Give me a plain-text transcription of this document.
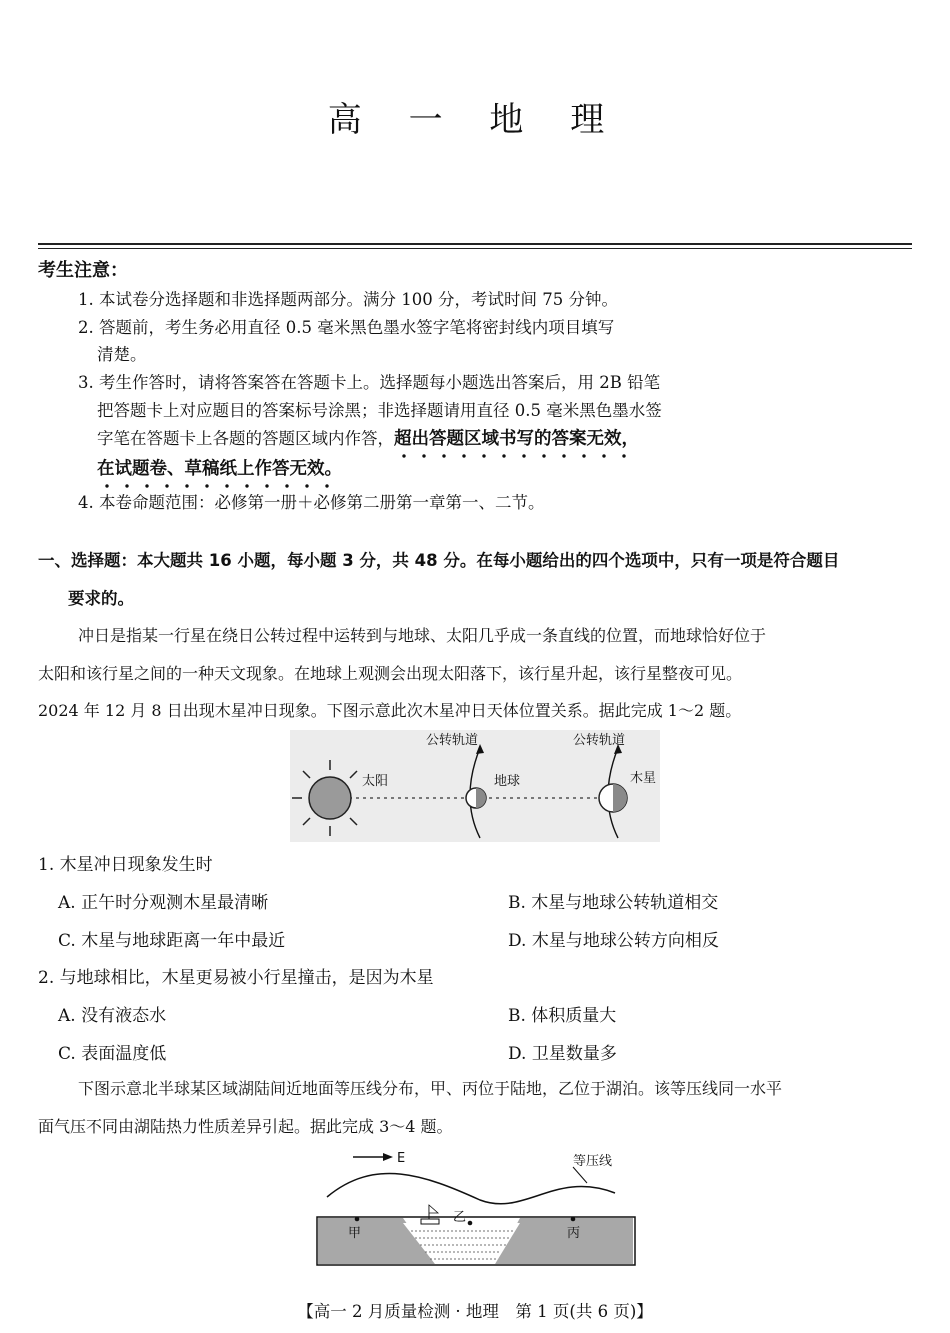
高 一 地 理
考生注意：
1. 本试卷分选择题和非选择题两部分。满分 100 分，考试时间 75 分钟。
2. 答题前，考生务必用直径 0.5 毫米黑色墨水签字笔将密封线内项目填写
清楚。
3. 考生作答时，请将答案答在答题卡上。选择题每小题选出答案后，用 2B 铅笔
把答题卡上对应题目的答案标号涂黑；非选择题请用直径 0.5 毫米黑色墨水签
字笔在答题卡上各题的答题区域内作答，超出答题区域书写的答案无效，
在试题卷、草稿纸上作答无效。
4. 本卷命题范围：必修第一册＋必修第二册第一章第一、二节。
一、选择题：本大题共 16 小题，每小题 3 分，共 48 分。在每小题给出的四个选项中，只有一项是符合题目
要求的。
冲日是指某一行星在绕日公转过程中运转到与地球、太阳几乎成一条直线的位置，而地球恰好位于
太阳和该行星之间的一种天文现象。在地球上观测会出现太阳落下，该行星升起，该行星整夜可见。
2024 年 12 月 8 日出现木星冲日现象。下图示意此次木星冲日天体位置关系。据此完成 1～2 题。
太阳
公转轨道
地球
公转轨道
木星
1. 木星冲日现象发生时
A. 正午时分观测木星最清晰	B. 木星与地球公转轨道相交
C. 木星与地球距离一年中最近	D. 木星与地球公转方向相反
2. 与地球相比，木星更易被小行星撞击，是因为木星
A. 没有液态水	B. 体积质量大
C. 表面温度低	D. 卫星数量多
下图示意北半球某区域湖陆间近地面等压线分布，甲、丙位于陆地，乙位于湖泊。该等压线同一水平
面气压不同由湖陆热力性质差异引起。据此完成 3～4 题。
E	等压线
甲
乙
丙
【高一 2 月质量检测 · 地理　第 1 页(共 6 页)】
